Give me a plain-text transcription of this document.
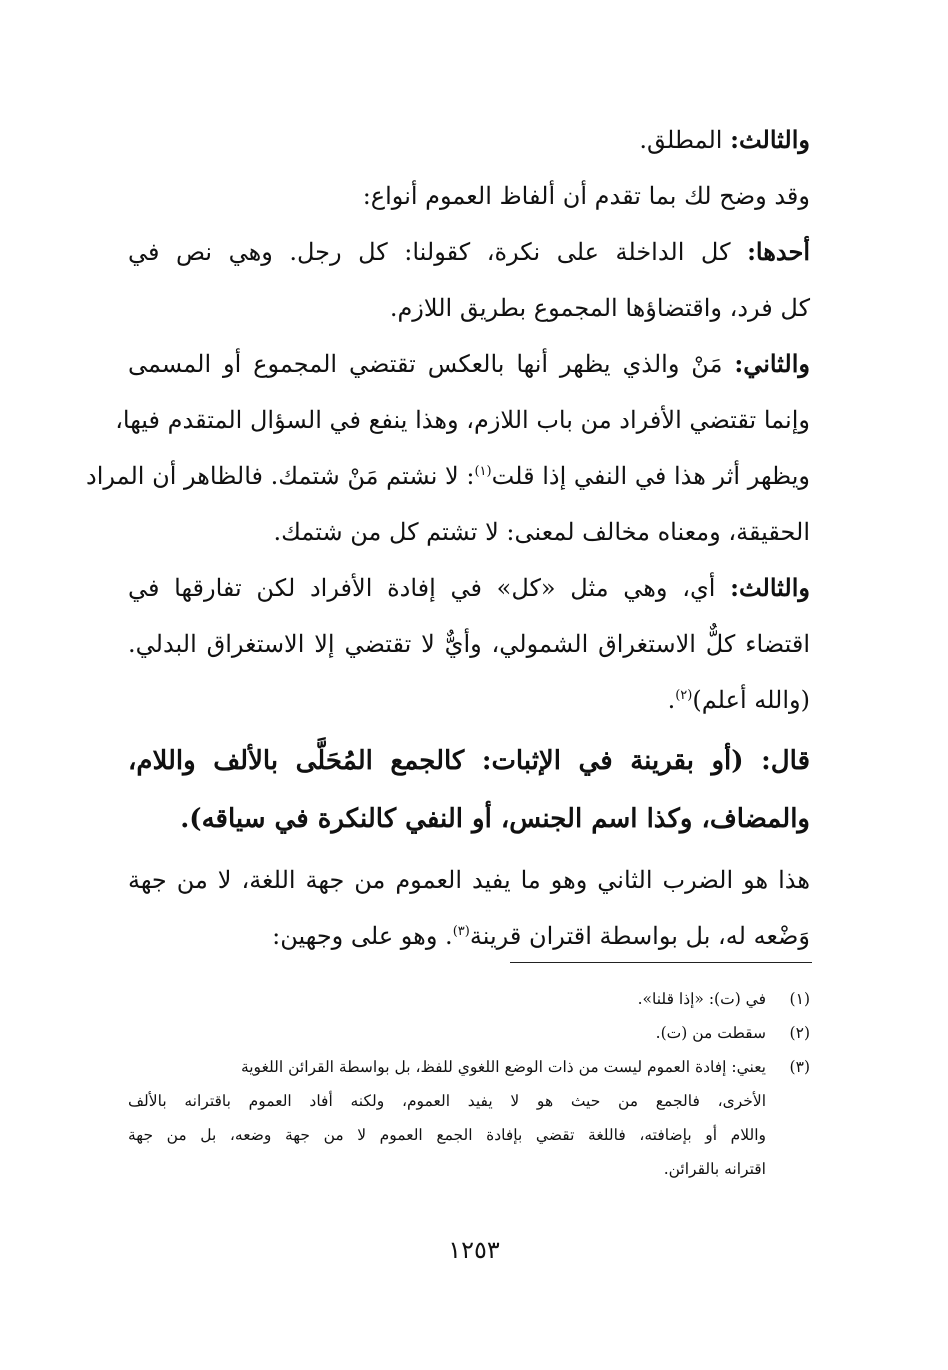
والثالث: المطلق.

وقد وضح لك بما تقدم أن ألفاظ العموم أنواع:

أحدها: كل الداخلة على نكرة، كقولنا: كل رجل. وهي نص في

كل فرد، واقتضاؤها المجموع بطريق اللازم.

والثاني: مَنْ والذي يظهر أنها بالعكس تقتضي المجموع أو المسمى

وإنما تقتضي الأفراد من باب اللازم، وهذا ينفع في السؤال المتقدم فيها،

ويظهر أثر هذا في النفي إذا قلت$^{(١)}$: لا نشتم مَنْ شتمك. فالظاهر أن المراد

الحقيقة، ومعناه مخالف لمعنى: لا تشتم كل من شتمك.

والثالث: أي، وهي مثل «كل» في إفادة الأفراد لكن تفارقها في

اقتضاء كلٌّ الاستغراق الشمولي، وأيٌّ لا تقتضي إلا الاستغراق البدلي.

(والله أعلم)$^{(٢)}$.

قال: (أو بقرينة في الإثبات: كالجمع المُحَلَّى بالألف واللام،

والمضاف، وكذا اسم الجنس، أو النفي كالنكرة في سياقه).

هذا هو الضرب الثاني وهو ما يفيد العموم من جهة اللغة، لا من جهة

وَضْعه له، بل بواسطة اقتران قرينة$^{(٣)}$. وهو على وجهين:

(١)في (ت): «إذا قلنا».

(٢)سقطت من (ت).

(٣)يعني: إفادة العموم ليست من ذات الوضع اللغوي للفظ، بل بواسطة القرائن اللغوية

الأخرى، فالجمع من حيث هو لا يفيد العموم، ولكنه أفاد العموم باقترانه بالألف

واللام أو بإضافته، فاللغة تقضي بإفادة الجمع العموم لا من جهة وضعه، بل من جهة

اقترانه بالقرائن.

١٢٥٣
